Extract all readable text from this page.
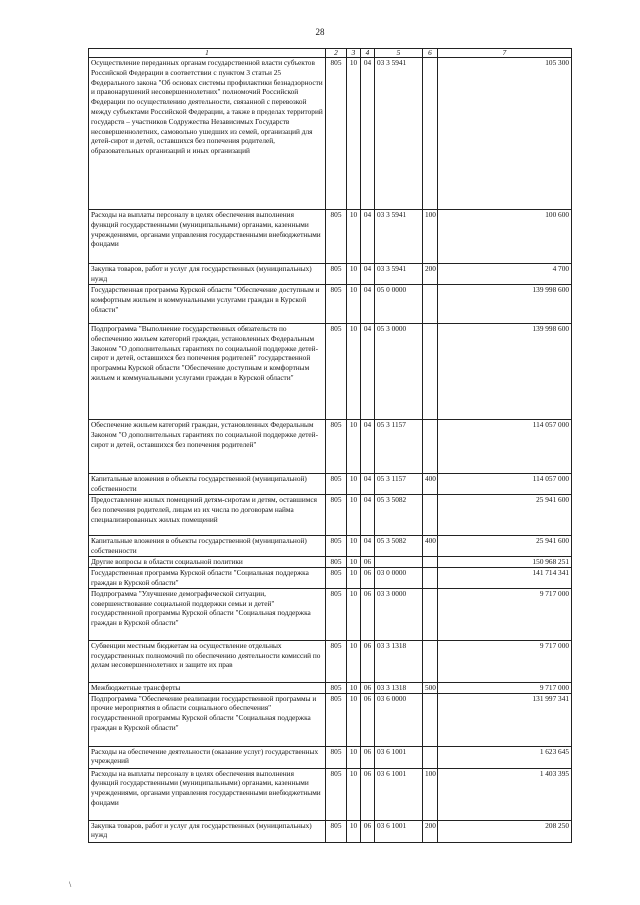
28
1	2	3	4	5	6	7
Осуществление переданных органам государственной власти субъектов Российской Федерации в соответствии с пунктом 3 статьи 25 Федерального закона "Об основах системы профилактики безнадзорности и правонарушений несовершеннолетних" полномочий Российской Федерации по осуществлению деятельности, связанной с перевозкой между субъектами Российской Федерации, а также в пределах территорий государств – участников Содружества Независимых Государств несовершеннолетних, самовольно ушедших из семей, организаций для детей-сирот и детей, оставшихся без попечения родителей, образовательных организаций и иных организаций	805	10	04	03 3 5941		105 300
Расходы на выплаты персоналу в целях обеспечения выполнения функций государственными (муниципальными) органами, казенными учреждениями, органами управления государственными внебюджетными фондами	805	10	04	03 3 5941	100	100 600
Закупка товаров, работ и услуг для государственных (муниципальных) нужд	805	10	04	03 3 5941	200	4 700
Государственная программа Курской области "Обеспечение доступным и комфортным жильем и коммунальными услугами граждан в Курской области"	805	10	04	05 0 0000		139 998 600
Подпрограмма "Выполнение государственных обязательств по обеспечению жильем категорий граждан, установленных Федеральным Законом "О дополнительных гарантиях по социальной поддержке детей-сирот и детей, оставшихся без попечения родителей" государственной программы Курской области "Обеспечение доступным и комфортным жильем и коммунальными услугами граждан в Курской области"	805	10	04	05 3 0000		139 998 600
Обеспечение жильем категорий граждан, установленных Федеральным Законом "О дополнительных гарантиях по социальной поддержке детей-сирот и детей, оставшихся без попечения родителей"	805	10	04	05 3 1157		114 057 000
Капитальные вложения в объекты государственной (муниципальной) собственности	805	10	04	05 3 1157	400	114 057 000
Предоставление жилых помещений детям-сиротам и детям, оставшимся без попечения родителей, лицам из их числа по договорам найма специализированных жилых помещений	805	10	04	05 3 5082		25 941 600
Капитальные вложения в объекты государственной (муниципальной) собственности	805	10	04	05 3 5082	400	25 941 600
Другие вопросы в области социальной политики	805	10	06			150 968 251
Государственная программа Курской области "Социальная поддержка граждан в Курской области"	805	10	06	03 0 0000		141 714 341
Подпрограмма "Улучшение демографической ситуации, совершенствование социальной поддержки семьи и детей" государственной программы Курской области "Социальная поддержка граждан в Курской области"	805	10	06	03 3 0000		9 717 000
Субвенции местным бюджетам на осуществление отдельных государственных полномочий по обеспечению деятельности комиссий по делам несовершеннолетних и защите их прав	805	10	06	03 3 1318		9 717 000
Межбюджетные трансферты	805	10	06	03 3 1318	500	9 717 000
Подпрограмма "Обеспечение реализации государственной программы и прочие мероприятия в области социального обеспечения" государственной программы Курской области "Социальная поддержка граждан в Курской области"	805	10	06	03 6 0000		131 997 341
Расходы на обеспечение деятельности (оказание услуг) государственных учреждений	805	10	06	03 6 1001		1 623 645
Расходы на выплаты персоналу в целях обеспечения выполнения функций государственными (муниципальными) органами, казенными учреждениями, органами управления государственными внебюджетными фондами	805	10	06	03 6 1001	100	1 403 395
Закупка товаров, работ и услуг для государственных (муниципальных) нужд	805	10	06	03 6 1001	200	208 250
\
